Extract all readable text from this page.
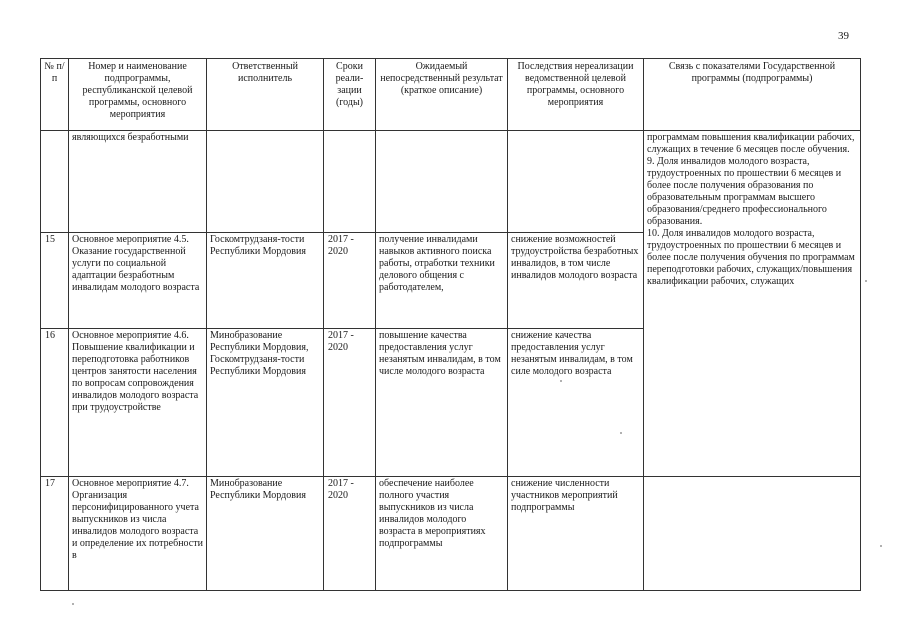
39
№ п/п	Номер и наименование подпрограммы, республиканской целевой программы, основного мероприятия	Ответственный исполнитель	Сроки реали-зации (годы)	Ожидаемый непосредственный результат (краткое описание)	Последствия нереализации ведомственной целевой программы, основного мероприятия	Связь с показателями Государственной программы (подпрограммы)
	являющихся безработными					программам повышения квалификации рабочих, служащих в течение 6 месяцев после обучения.
9. Доля инвалидов молодого возраста, трудоустроенных по прошествии 6 месяцев и более после получения образования по образовательным программам высшего образования/среднего профессионального образования.
10. Доля инвалидов молодого возраста, трудоустроенных по прошествии 6 месяцев и более после получения обучения по программам переподготовки рабочих, служащих/повышения квалификации рабочих, служащих

15	Основное мероприятие 4.5. Оказание государственной услуги по социальной адаптации безработным инвалидам молодого возраста	Госкомтрудзаня-тости Республики Мордовия	2017 - 2020	получение инвалидами навыков активного поиска работы, отработки техники делового общения с работодателем,	снижение возможностей трудоустройства безработных инвалидов, в том числе инвалидов молодого возраста	
16	Основное мероприятие 4.6. Повышение квалификации и переподготовка работников центров занятости населения по вопросам сопровождения инвалидов молодого возраста при трудоустройстве	Минобразование Республики Мордовия, Госкомтрудзаня-тости Республики Мордовия	2017 - 2020	повышение качества предоставления услуг незанятым инвалидам, в том числе молодого возраста	снижение качества предоставления услуг незанятым инвалидам, в том силе молодого возраста	
17	Основное мероприятие 4.7. Организация персонифицированного учета выпускников из числа инвалидов молодого возраста и определение их потребности в	Минобразование Республики Мордовия	2017 - 2020	обеспечение наиболее полного участия выпускников из числа инвалидов молодого возраста в мероприятиях подпрограммы	снижение численности участников мероприятий подпрограммы	
